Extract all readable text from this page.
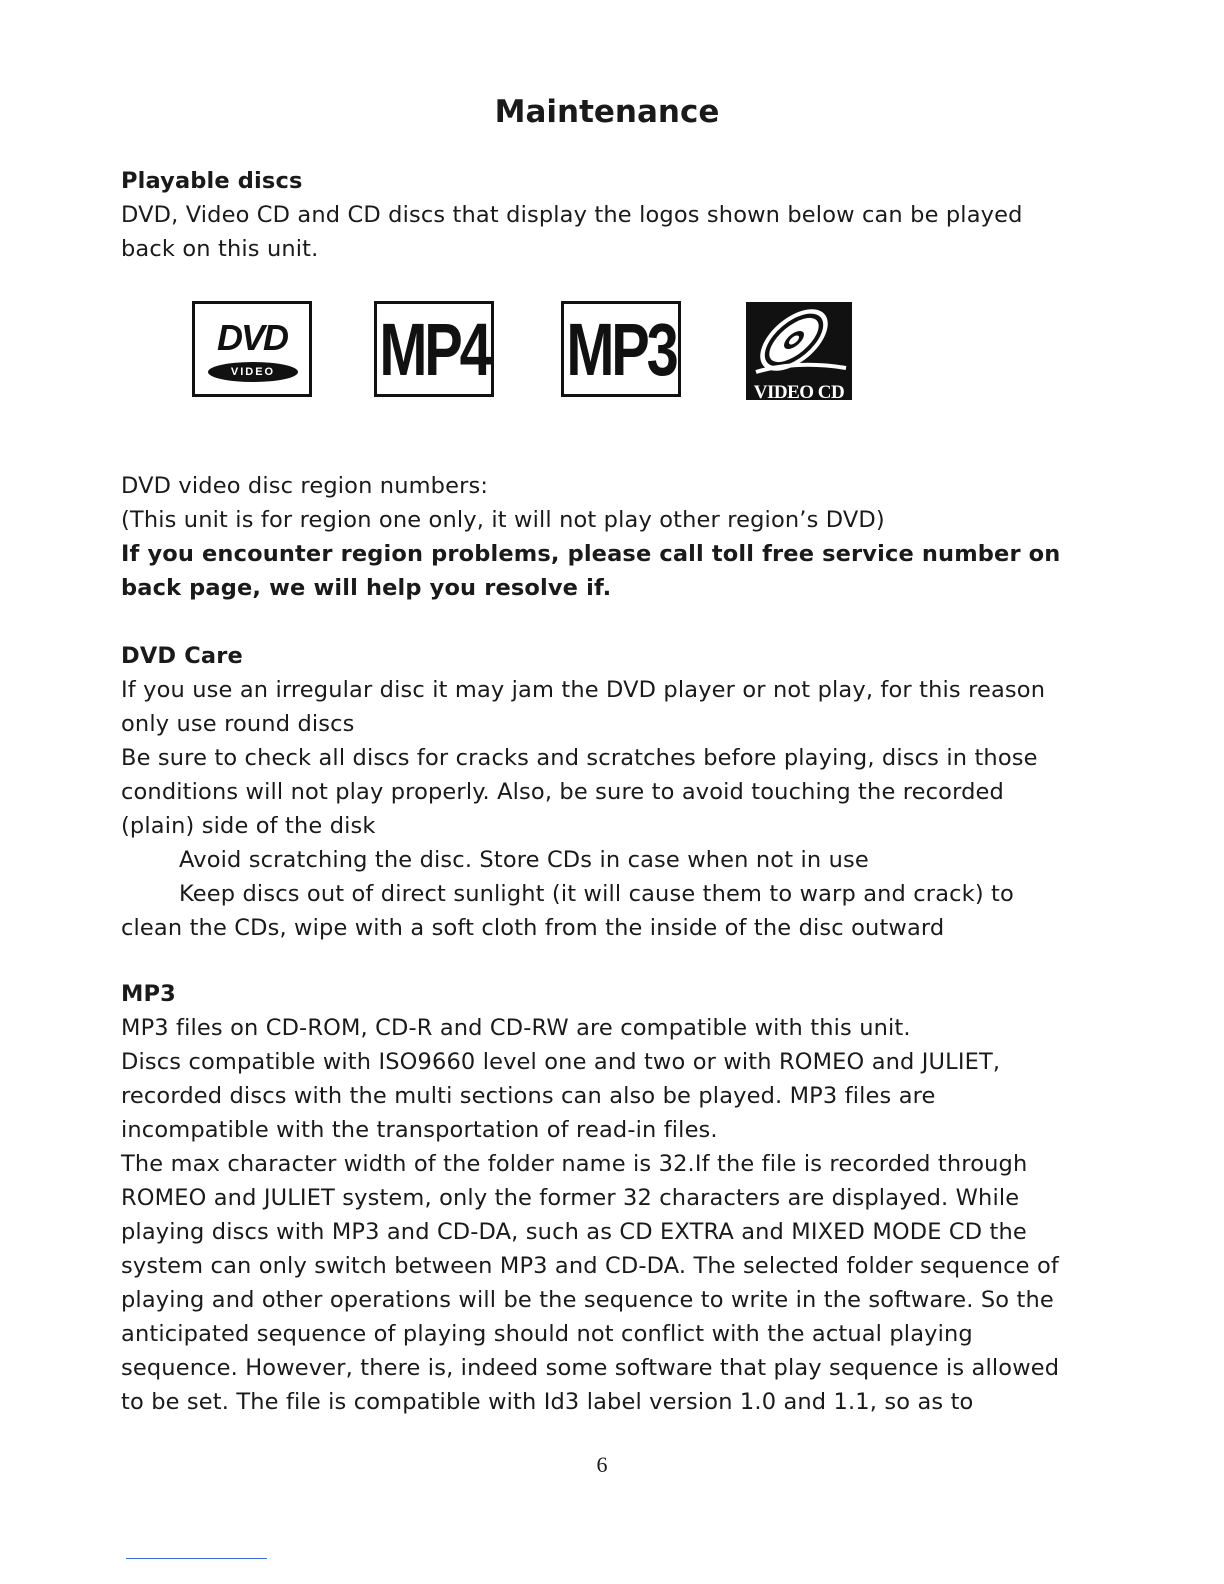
Maintenance

Playable discs

DVD, Video CD and CD discs that display the logos shown below can be played

back on this unit.

DVD
VIDEO	MP4 MP3
VIDEO CD

DVD video disc region numbers:

(This unit is for region one only, it will not play other region’s DVD)

If you encounter region problems, please call toll free service number on

back page, we will help you resolve if.

DVD Care

If you use an irregular disc it may jam the DVD player or not play, for this reason

only use round discs

Be sure to check all discs for cracks and scratches before playing, discs in those

conditions will not play properly. Also, be sure to avoid touching the recorded

(plain) side of the disk

Avoid scratching the disc. Store CDs in case when not in use

Keep discs out of direct sunlight (it will cause them to warp and crack) to

clean the CDs, wipe with a soft cloth from the inside of the disc outward

MP3

MP3 files on CD-ROM, CD-R and CD-RW are compatible with this unit.

Discs compatible with ISO9660 level one and two or with ROMEO and JULIET,

recorded discs with the multi sections can also be played. MP3 files are

incompatible with the transportation of read-in files.

The max character width of the folder name is 32.If the file is recorded through

ROMEO and JULIET system, only the former 32 characters are displayed. While

playing discs with MP3 and CD-DA, such as CD EXTRA and MIXED MODE CD the

system can only switch between MP3 and CD-DA. The selected folder sequence of

playing and other operations will be the sequence to write in the software. So the

anticipated sequence of playing should not conflict with the actual playing

sequence. However, there is, indeed some software that play sequence is allowed

to be set. The file is compatible with Id3 label version 1.0 and 1.1, so as to

6
